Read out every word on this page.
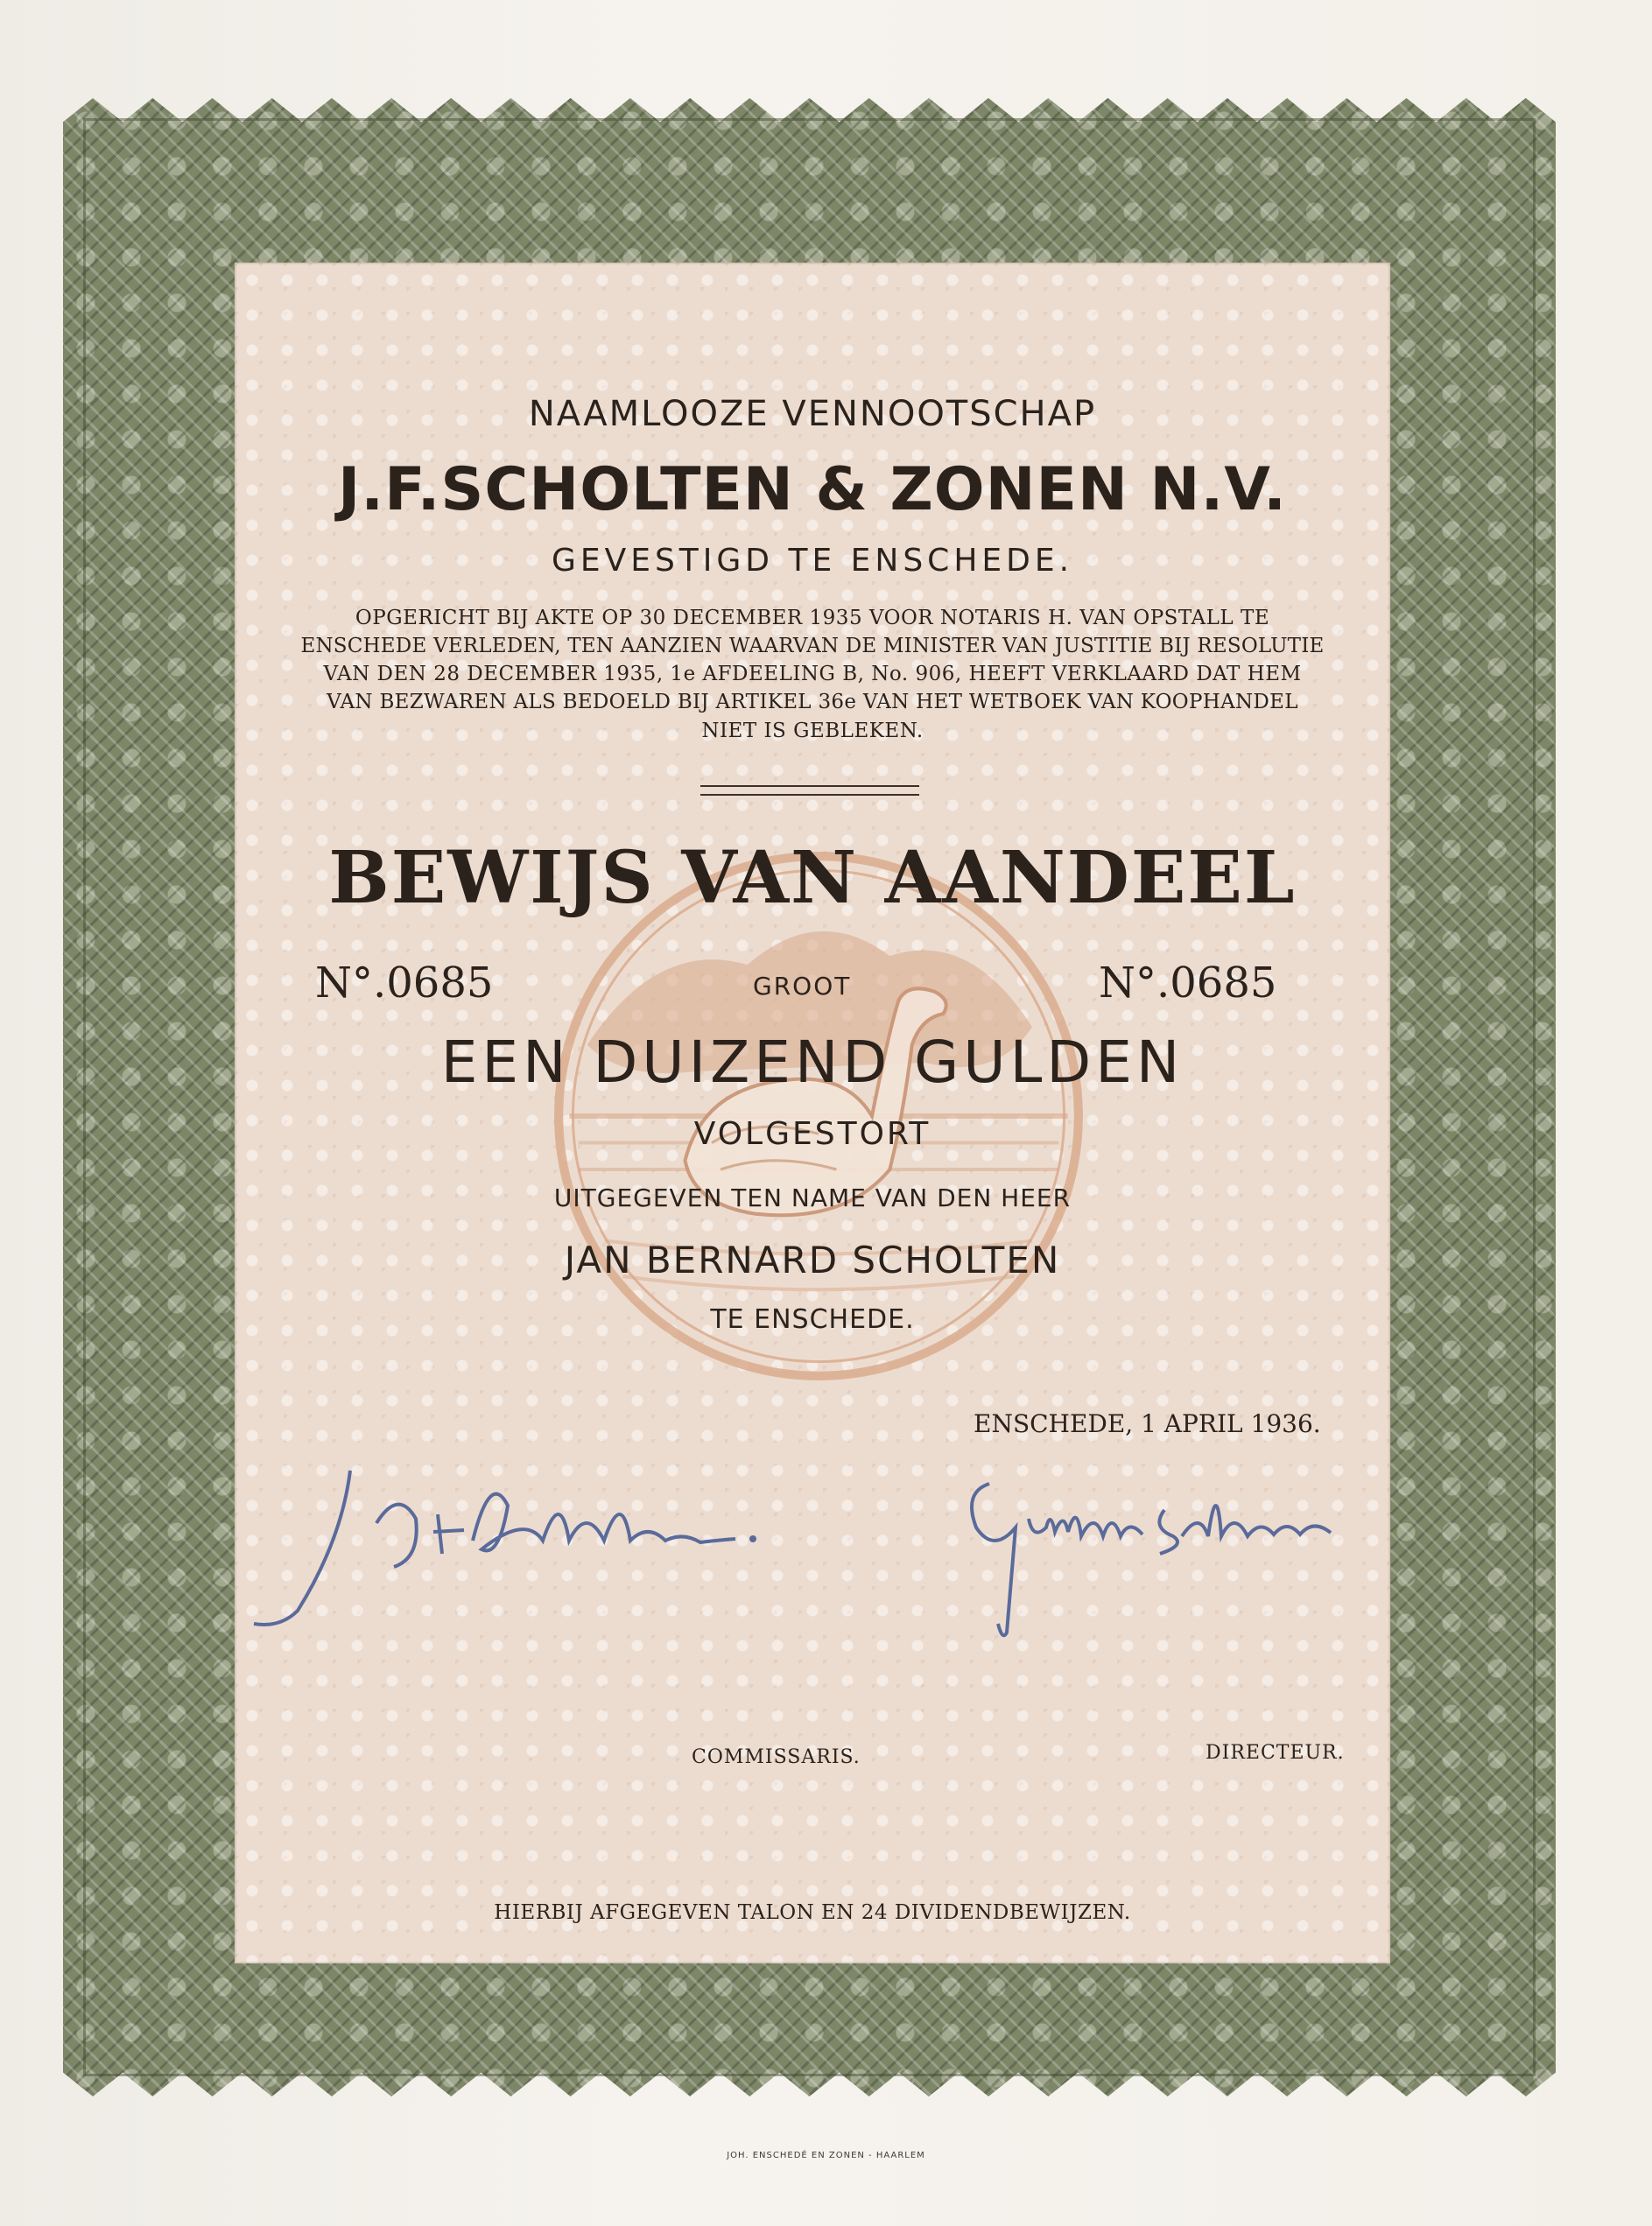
NAAMLOOZE VENNOOTSCHAP
J.F.SCHOLTEN & ZONEN N.V.
GEVESTIGD TE ENSCHEDE.
OPGERICHT BIJ AKTE OP 30 DECEMBER 1935 VOOR NOTARIS H. VAN OPSTALL TE
ENSCHEDE VERLEDEN, TEN AANZIEN WAARVAN DE MINISTER VAN JUSTITIE BIJ RESOLUTIE
VAN DEN 28 DECEMBER 1935, 1e AFDEELING B, No. 906, HEEFT VERKLAARD DAT HEM
VAN BEZWAREN ALS BEDOELD BIJ ARTIKEL 36e VAN HET WETBOEK VAN KOOPHANDEL
NIET IS GEBLEKEN.
BEWIJS VAN AANDEEL
N°.0685	GROOT	N°.0685
EEN DUIZEND GULDEN
VOLGESTORT
UITGEGEVEN TEN NAME VAN DEN HEER
JAN BERNARD SCHOLTEN
TE ENSCHEDE.
ENSCHEDE, 1 APRIL 1936.
COMMISSARIS.	DIRECTEUR.
HIERBIJ AFGEGEVEN TALON EN 24 DIVIDENDBEWIJZEN.
JOH. ENSCHEDÉ EN ZONEN - HAARLEM
